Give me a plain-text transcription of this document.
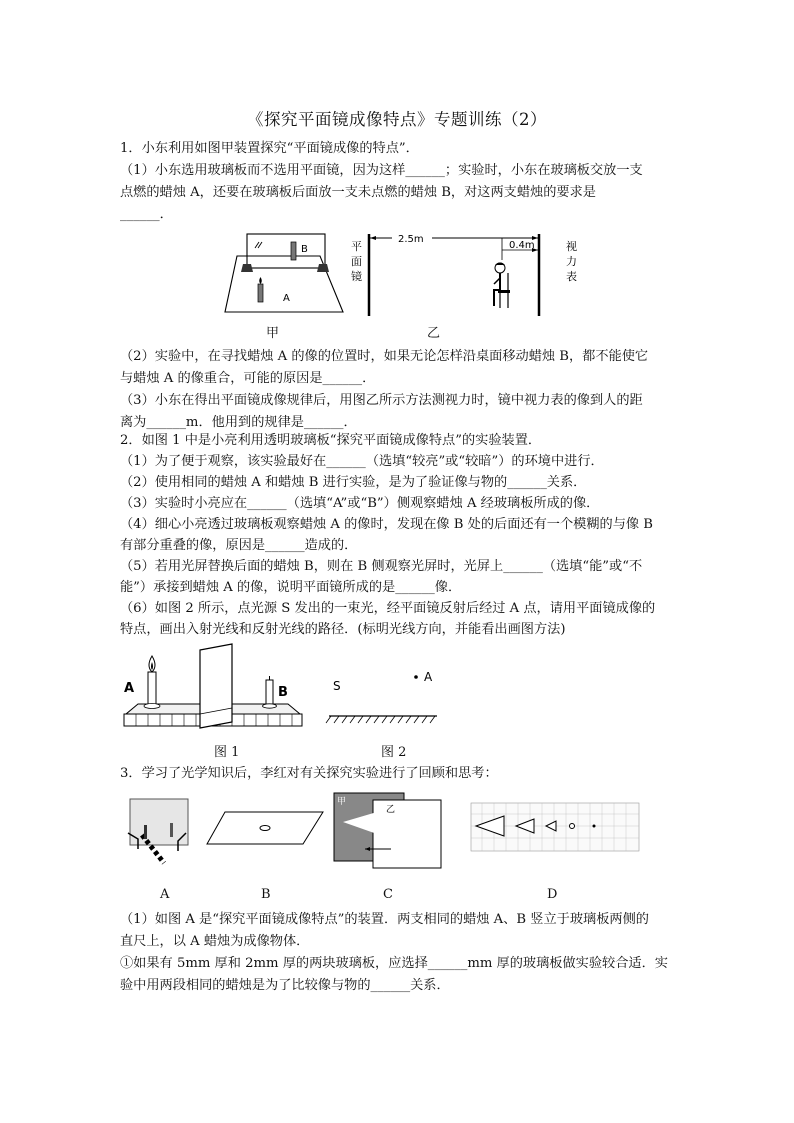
《探究平面镜成像特点》专题训练（2）
1．小东利用如图甲装置探究“平面镜成像的特点”．
（1）小东选用玻璃板而不选用平面镜，因为这样______；实验时，小东在玻璃板交放一支
点燃的蜡烛 A，还要在玻璃板后面放一支未点燃的蜡烛 B，对这两支蜡烛的要求是
______．
B
A
平面镜
2.5m
0.4m	视力表
甲	乙
（2）实验中，在寻找蜡烛 A 的像的位置时，如果无论怎样沿桌面移动蜡烛 B，都不能使它
与蜡烛 A 的像重合，可能的原因是______．
（3）小东在得出平面镜成像规律后，用图乙所示方法测视力时，镜中视力表的像到人的距
离为______m．他用到的规律是______．
2．如图 1 中是小亮利用透明玻璃板“探究平面镜成像特点”的实验装置．
（1）为了便于观察，该实验最好在______（选填“较亮”或“较暗”）的环境中进行．
（2）使用相同的蜡烛 A 和蜡烛 B 进行实验，是为了验证像与物的______关系．
（3）实验时小亮应在______（选填“A”或“B”）侧观察蜡烛 A 经玻璃板所成的像．
（4）细心小亮透过玻璃板观察蜡烛 A 的像时，发现在像 B 处的后面还有一个模糊的与像 B
有部分重叠的像，原因是______造成的．
（5）若用光屏替换后面的蜡烛 B，则在 B 侧观察光屏时，光屏上______（选填“能”或“不
能”）承接到蜡烛 A 的像，说明平面镜所成的是______像．
（6）如图 2 所示，点光源 S 发出的一束光，经平面镜反射后经过 A 点，请用平面镜成像的
特点，画出入射光线和反射光线的路径．(标明光线方向，并能看出画图方法)
A	B	S
A
图 1	图 2
3．学习了光学知识后，李红对有关探究实验进行了回顾和思考：
甲
乙
A	B	C	D
（1）如图 A 是“探究平面镜成像特点”的装置．两支相同的蜡烛 A、B 竖立于玻璃板两侧的
直尺上，以 A 蜡烛为成像物体．
①如果有 5mm 厚和 2mm 厚的两块玻璃板，应选择______mm 厚的玻璃板做实验较合适．实
验中用两段相同的蜡烛是为了比较像与物的______关系．
